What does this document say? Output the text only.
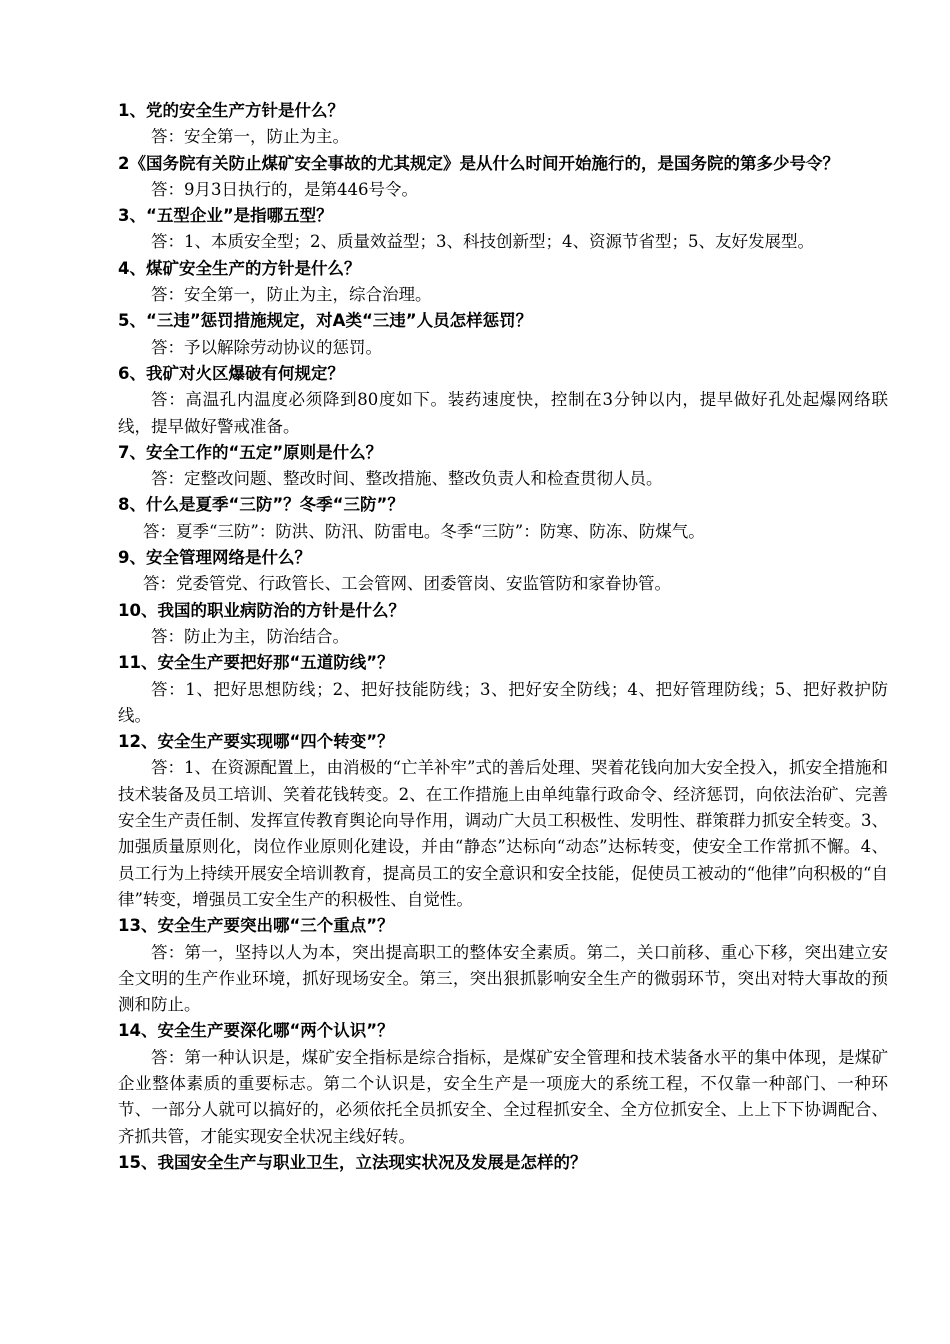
1、党的安全生产方针是什么？

答：安全第一，防止为主。

2《国务院有关防止煤矿安全事故的尤其规定》是从什么时间开始施行的，是国务院的第多少号令？

答：9月3日执行的，是第446号令。

3、“五型企业”是指哪五型？

答：1、本质安全型；2、质量效益型；3、科技创新型；4、资源节省型；5、友好发展型。

4、煤矿安全生产的方针是什么？

答：安全第一，防止为主，综合治理。

5、“三违”惩罚措施规定，对A类“三违”人员怎样惩罚？

答：予以解除劳动协议的惩罚。

6、我矿对火区爆破有何规定？

答：高温孔内温度必须降到80度如下。装药速度快，控制在3分钟以内，提早做好孔处起爆网络联线，提早做好警戒准备。

7、安全工作的“五定”原则是什么？

答：定整改问题、整改时间、整改措施、整改负责人和检查贯彻人员。

8、什么是夏季“三防”？冬季“三防”？

答：夏季“三防”：防洪、防汛、防雷电。冬季“三防”：防寒、防冻、防煤气。

9、安全管理网络是什么？

答：党委管党、行政管长、工会管网、团委管岗、安监管防和家眷协管。

10、我国的职业病防治的方针是什么？

答：防止为主，防治结合。

11、安全生产要把好那“五道防线”？

答：1、把好思想防线；2、把好技能防线；3、把好安全防线；4、把好管理防线；5、把好救护防线。

12、安全生产要实现哪“四个转变”？

答：1、在资源配置上，由消极的“亡羊补牢”式的善后处理、哭着花钱向加大安全投入，抓安全措施和技术装备及员工培训、笑着花钱转变。2、在工作措施上由单纯靠行政命令、经济惩罚，向依法治矿、完善安全生产责任制、发挥宣传教育舆论向导作用，调动广大员工积极性、发明性、群策群力抓安全转变。3、加强质量原则化，岗位作业原则化建设，并由“静态”达标向“动态”达标转变，使安全工作常抓不懈。4、员工行为上持续开展安全培训教育，提高员工的安全意识和安全技能，促使员工被动的“他律”向积极的“自律”转变，增强员工安全生产的积极性、自觉性。

13、安全生产要突出哪“三个重点”？

答：第一，坚持以人为本，突出提高职工的整体安全素质。第二，关口前移、重心下移，突出建立安全文明的生产作业环境，抓好现场安全。第三，突出狠抓影响安全生产的微弱环节，突出对特大事故的预测和防止。

14、安全生产要深化哪“两个认识”？

答：第一种认识是，煤矿安全指标是综合指标，是煤矿安全管理和技术装备水平的集中体现，是煤矿企业整体素质的重要标志。第二个认识是，安全生产是一项庞大的系统工程，不仅靠一种部门、一种环节、一部分人就可以搞好的，必须依托全员抓安全、全过程抓安全、全方位抓安全、上上下下协调配合、齐抓共管，才能实现安全状况主线好转。

15、我国安全生产与职业卫生，立法现实状况及发展是怎样的？
